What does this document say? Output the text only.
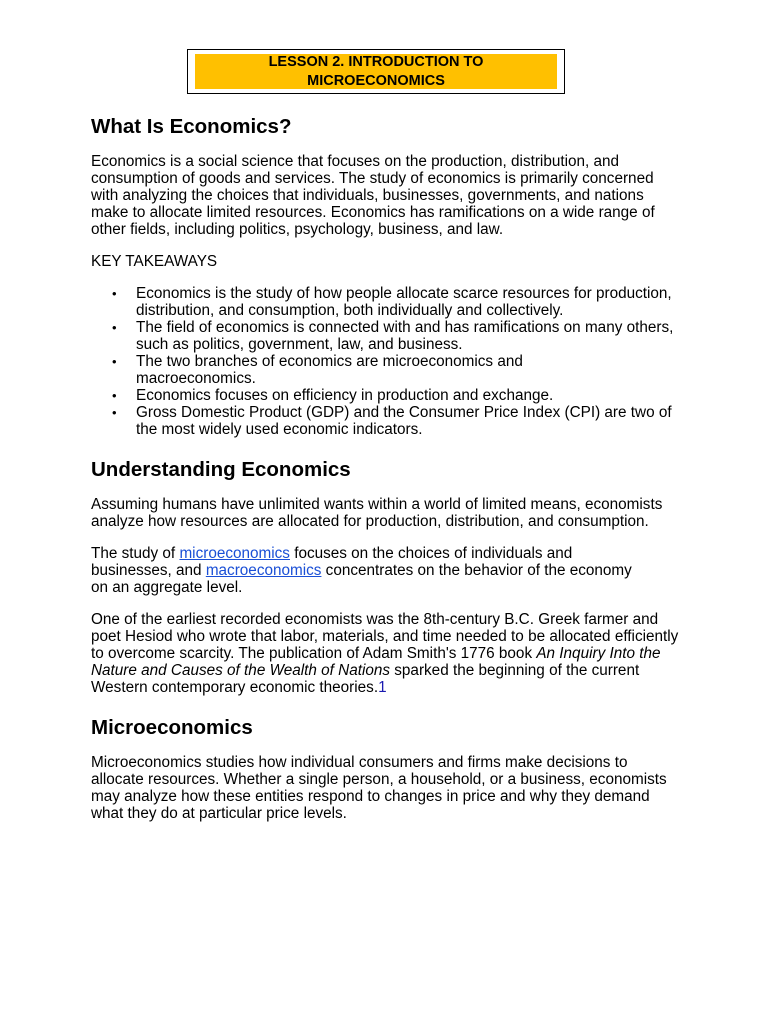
LESSON 2. INTRODUCTION TO MICROECONOMICS
What Is Economics?

Economics is a social science that focuses on the production, distribution, and consumption of goods and services. The study of economics is primarily concerned with analyzing the choices that individuals, businesses, governments, and nations make to allocate limited resources. Economics has ramifications on a wide range of other fields, including politics, psychology, business, and law.

KEY TAKEAWAYS

• Economics is the study of how people allocate scarce resources for production, distribution, and consumption, both individually and collectively.
• The field of economics is connected with and has ramifications on many others, such as politics, government, law, and business.
• The two branches of economics are microeconomics and macroeconomics.
• Economics focuses on efficiency in production and exchange.
• Gross Domestic Product (GDP) and the Consumer Price Index (CPI) are two of the most widely used economic indicators.
Understanding Economics

Assuming humans have unlimited wants within a world of limited means, economists analyze how resources are allocated for production, distribution, and consumption.

The study of microeconomics focuses on the choices of individuals and businesses, and macroeconomics concentrates on the behavior of the economy on an aggregate level.

One of the earliest recorded economists was the 8th-century B.C. Greek farmer and poet Hesiod who wrote that labor, materials, and time needed to be allocated efficiently to overcome scarcity. The publication of Adam Smith's 1776 book An Inquiry Into the Nature and Causes of the Wealth of Nations sparked the beginning of the current Western contemporary economic theories.1

Microeconomics

Microeconomics studies how individual consumers and firms make decisions to allocate resources. Whether a single person, a household, or a business, economists may analyze how these entities respond to changes in price and why they demand what they do at particular price levels.
